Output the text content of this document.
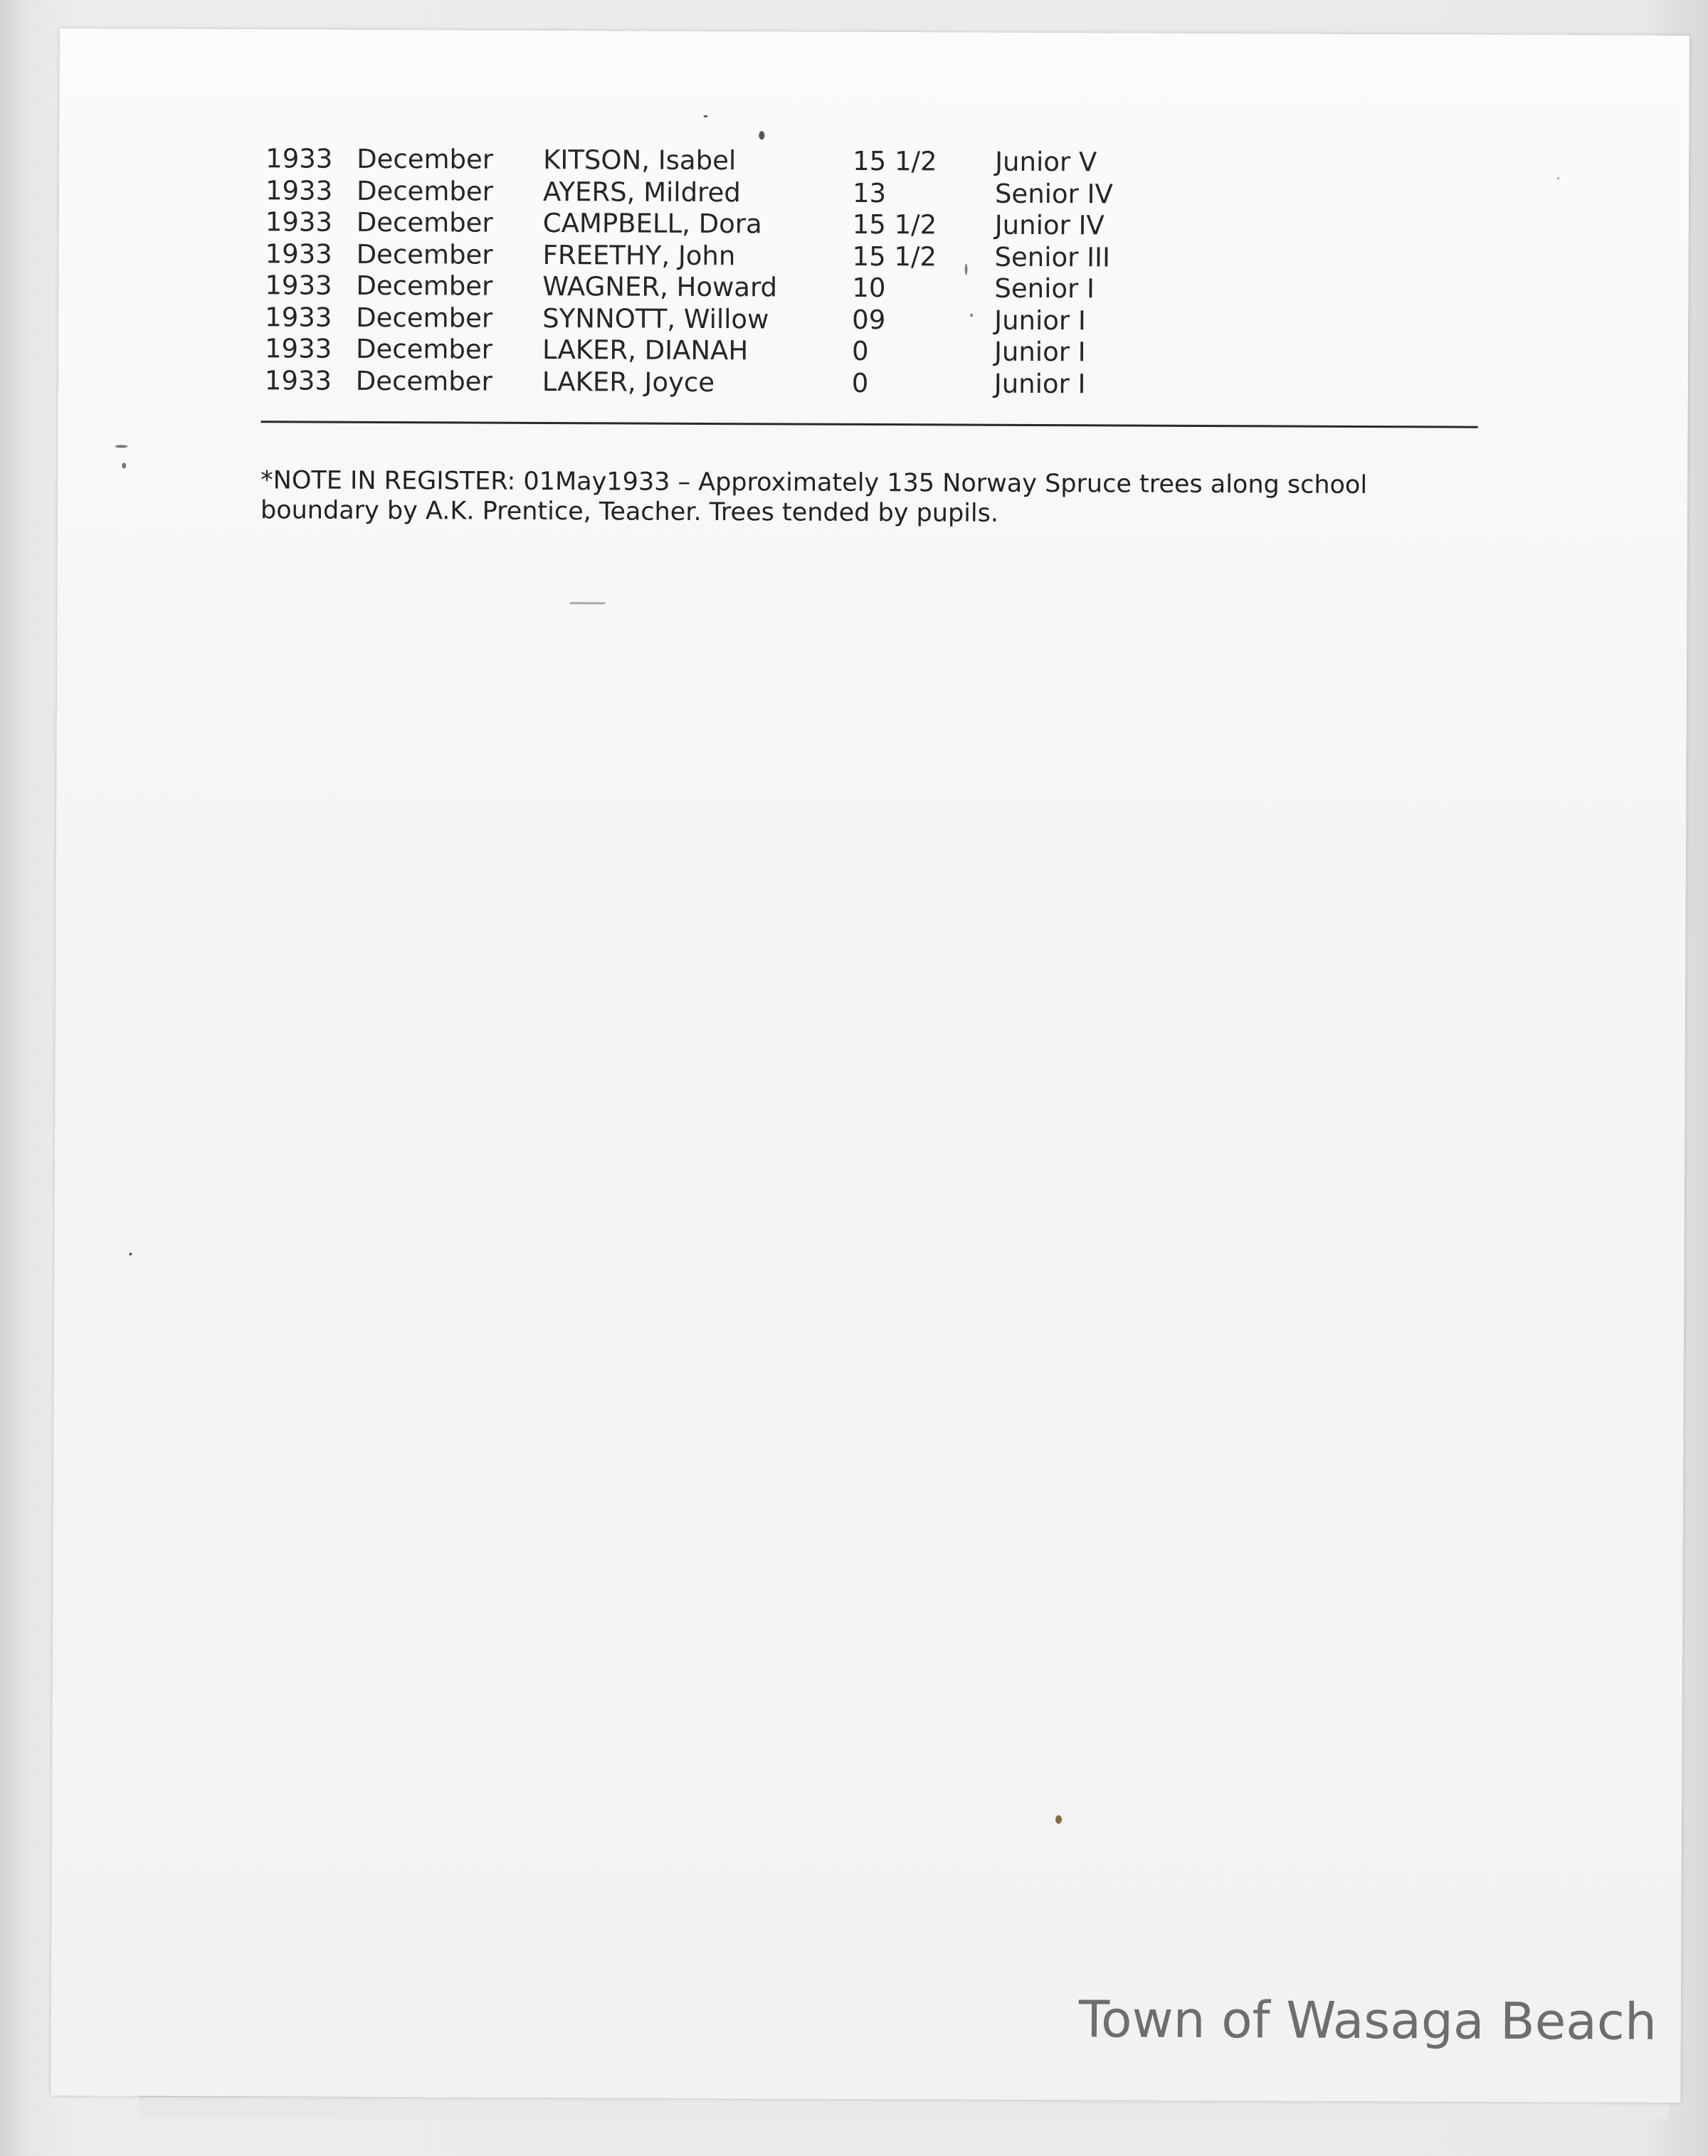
1933 December KITSON, Isabel	15 1/2 Junior V
1933 December AYERS, Mildred	13	Senior IV
1933 December CAMPBELL, Dora	15 1/2 Junior IV
1933 December FREETHY, John	15 1/2 Senior III
1933 December WAGNER, Howard	10	Senior I
1933 December SYNNOTT, Willow	09	Junior I
1933 December LAKER, DIANAH	0	Junior I
1933 December LAKER, Joyce	0	Junior I
*NOTE IN REGISTER: 01May1933 – Approximately 135 Norway Spruce trees along school boundary by A.K. Prentice, Teacher. Trees tended by pupils.
Town of Wasaga Beach
